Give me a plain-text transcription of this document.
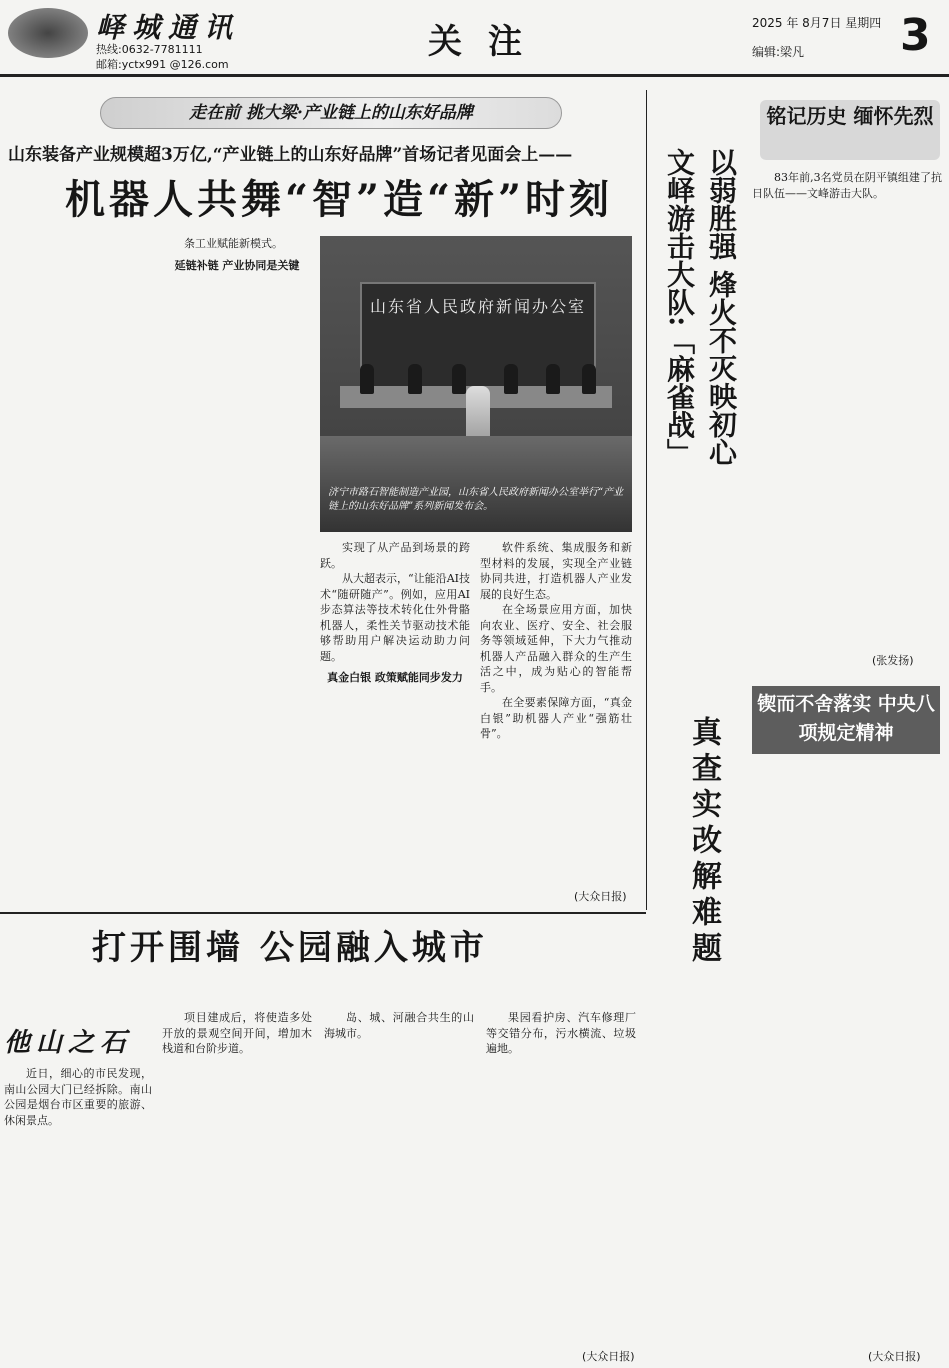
峄城通讯
热线:0632-7781111
邮箱:yctx991 @126.com
关注	2025 年 8月7日 星期四
编辑:梁凡 3
走在前 挑大梁·产业链上的山东好品牌
山东装备产业规模超3万亿,“产业链上的山东好品牌”首场记者见面会上——
机器人共舞“智”造“新”时刻

条工业赋能新模式。

延链补链 产业协同是关键

山东省人民政府新闻办公室
济宁市路石智能制造产业园，山东省人民政府新闻办公室举行“产业链上的山东好品牌”系列新闻发布会。

实现了从产品到场景的跨跃。

从大超表示，“让能沿AI技术“随研随产”。例如，应用AI步态算法等技术转化仕外骨骼机器人，柔性关节驱动技术能够帮助用户解决运动助力问题。

真金白银 政策赋能同步发力

软件系统、集成服务和新型材料的发展，实现全产业链协同共进，打造机器人产业发展的良好生态。

在全场景应用方面，加快向农业、医疗、安全、社会服务等领域延伸，下大力气推动机器人产品融入群众的生产生活之中，成为贴心的智能帮手。

在全要素保障方面，“真金白银”助机器人产业“强筋壮骨”。

(大众日报)
铭记历史 缅怀先烈
以弱胜强 烽火不灭映初心
文峄游击大队:「麻雀战」	83年前,3名党员在阴平镇组建了抗日队伍——文峰游击大队。

(张发扬)
锲而不舍落实 中央八项规定精神
真查实改解难题
(大众日报)
打开围墙 公园融入城市
他山之石

近日，细心的市民发现，南山公园大门已经拆除。南山公园是烟台市区重要的旅游、休闲景点。

项目建成后，将使造多处开放的景观空间开间，增加木栈道和台阶步道。

岛、城、河融合共生的山海城市。

果园看护房、汽车修理厂等交错分布，污水横流、垃圾遍地。

(大众日报)
